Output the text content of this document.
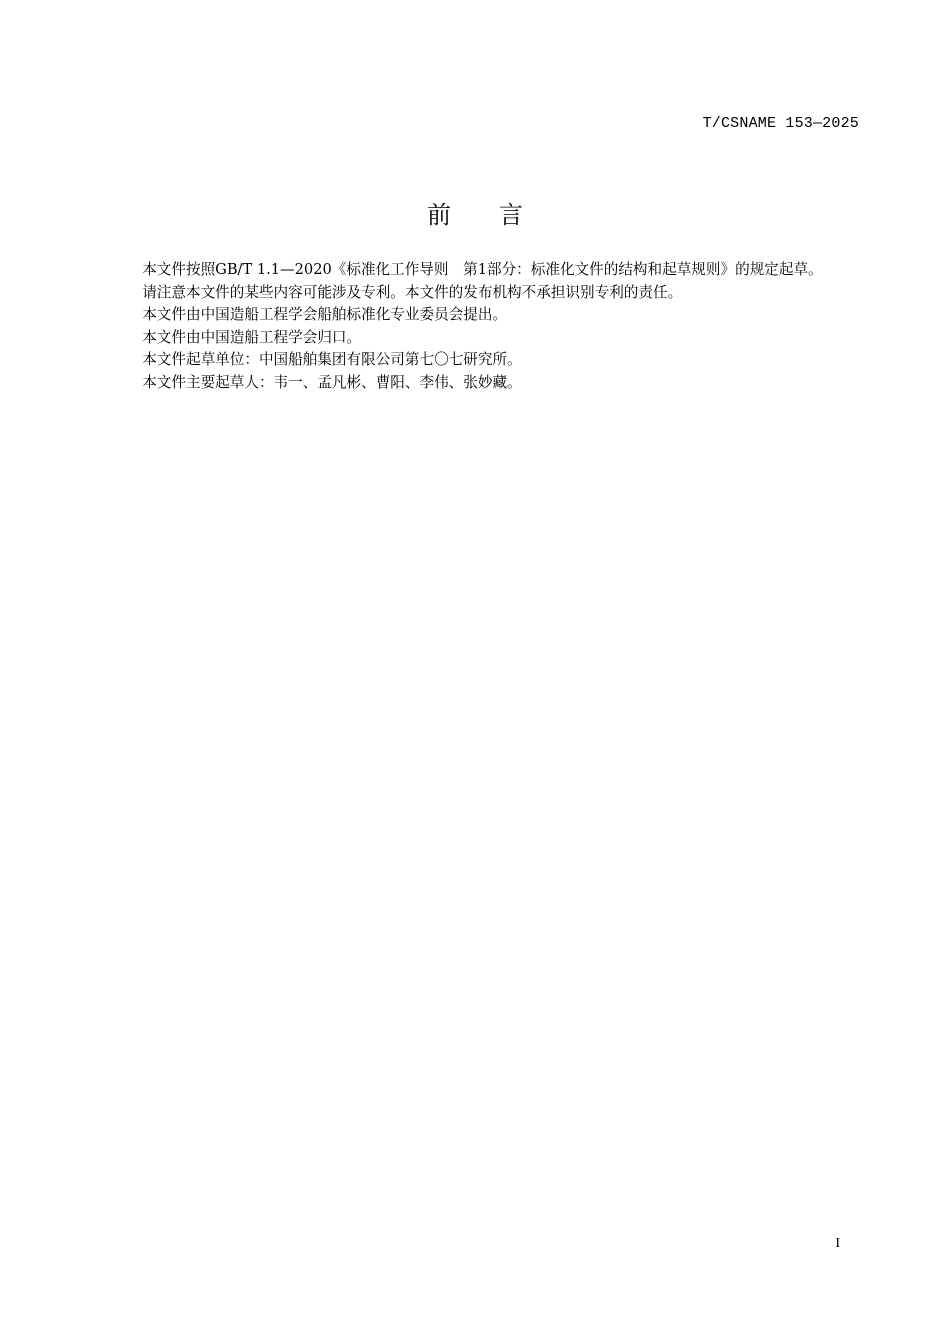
T/CSNAME 153—2025
前 言

本文件按照GB/T 1.1—2020《标准化工作导则　第1部分：标准化文件的结构和起草规则》的规定起草。

请注意本文件的某些内容可能涉及专利。本文件的发布机构不承担识别专利的责任。

本文件由中国造船工程学会船舶标准化专业委员会提出。

本文件由中国造船工程学会归口。

本文件起草单位：中国船舶集团有限公司第七〇七研究所。

本文件主要起草人：韦一、孟凡彬、曹阳、李伟、张妙藏。

I
